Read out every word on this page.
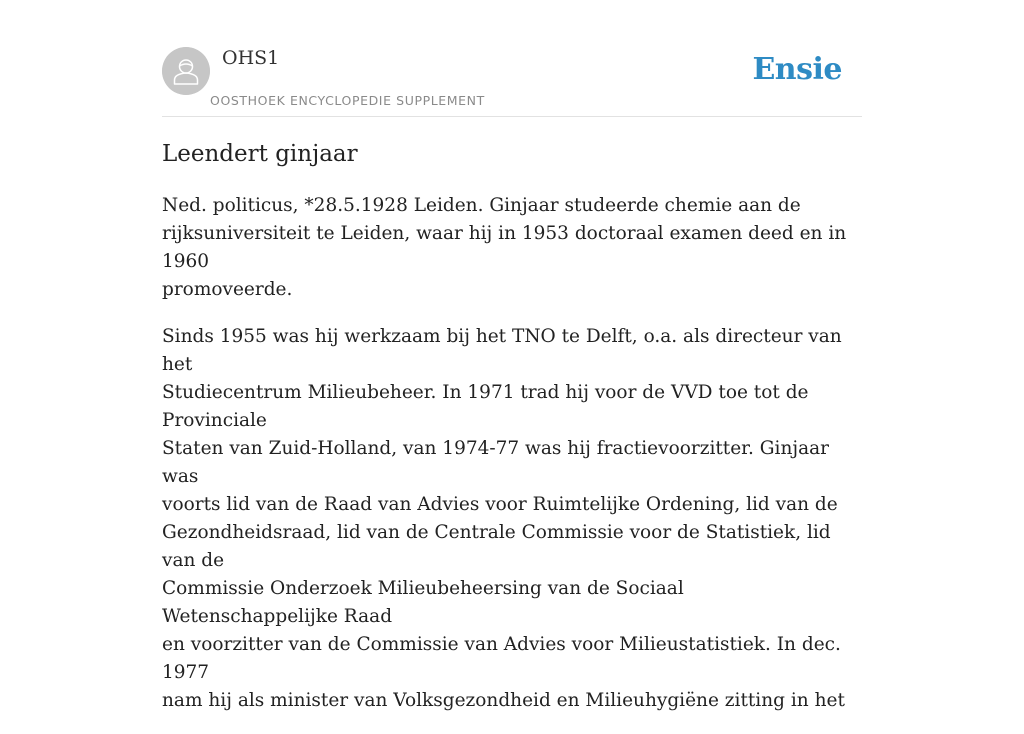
OHS1
OOSTHOEK ENCYCLOPEDIE SUPPLEMENT
Ensie
Leendert ginjaar

Ned. politicus, *28.5.1928 Leiden. Ginjaar studeerde chemie aan de
rijksuniversiteit te Leiden, waar hij in 1953 doctoraal examen deed en in 1960
promoveerde.

Sinds 1955 was hij werkzaam bij het TNO te Delft, o.a. als directeur van het
Studiecentrum Milieubeheer. In 1971 trad hij voor de VVD toe tot de Provinciale
Staten van Zuid-Holland, van 1974-77 was hij fractievoorzitter. Ginjaar was
voorts lid van de Raad van Advies voor Ruimtelijke Ordening, lid van de
Gezondheidsraad, lid van de Centrale Commissie voor de Statistiek, lid van de
Commissie Onderzoek Milieubeheersing van de Sociaal Wetenschappelijke Raad
en voorzitter van de Commissie van Advies voor Milieustatistiek. In dec. 1977
nam hij als minister van Volksgezondheid en Milieuhygiëne zitting in het
